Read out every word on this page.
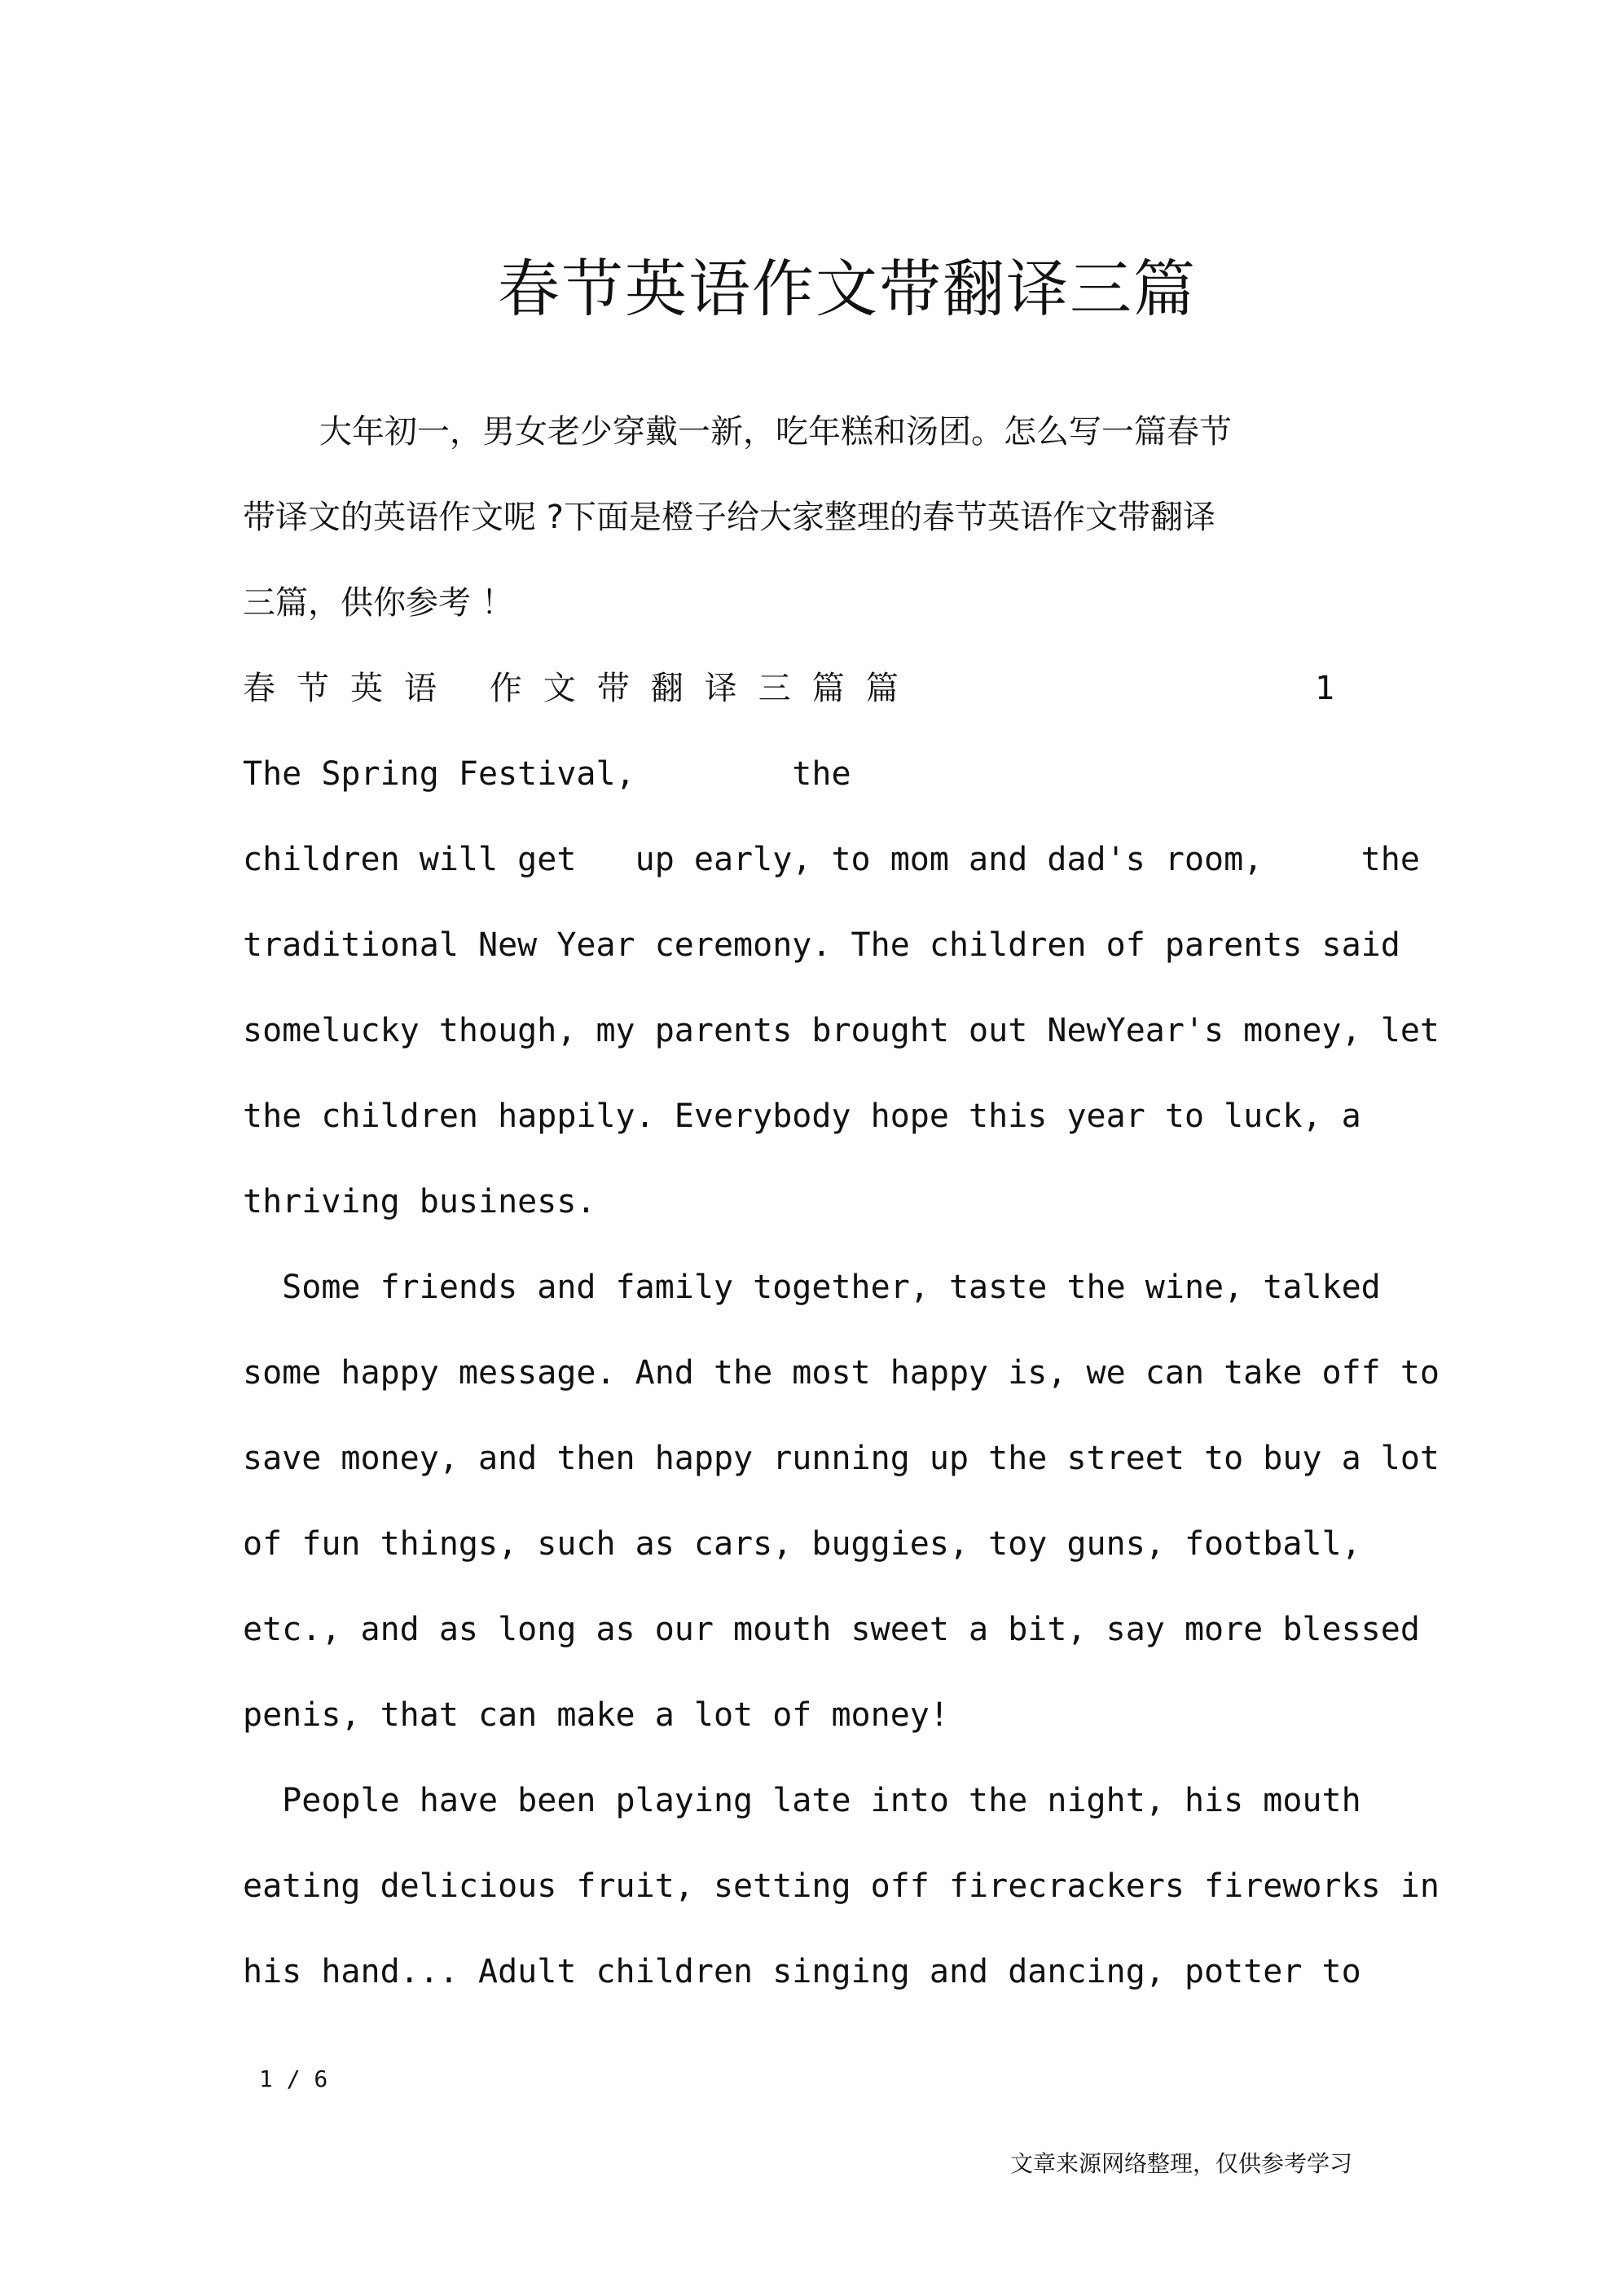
春节英语作文带翻译三篇
大年初一，男女老少穿戴一新，吃年糕和汤团。怎么写一篇春节
带译文的英语作文呢 ?下面是橙子给大家整理的春节英语作文带翻译
三篇，供你参考 ！
春节英语 作文带翻译三篇篇	1
The Spring Festival,        the
children will get   up early, to mom and dad's room,     the
traditional New Year ceremony. The children of parents said
somelucky though, my parents brought out NewYear's money, let
the children happily. Everybody hope this year to luck, a
thriving business.
Some friends and family together, taste the wine, talked
some happy message. And the most happy is, we can take off to
save money, and then happy running up the street to buy a lot
of fun things, such as cars, buggies, toy guns, football,
etc., and as long as our mouth sweet a bit, say more blessed
penis, that can make a lot of money!
People have been playing late into the night, his mouth
eating delicious fruit, setting off firecrackers fireworks in
his hand... Adult children singing and dancing, potter to
1 / 6
文章来源网络整理，仅供参考学习
